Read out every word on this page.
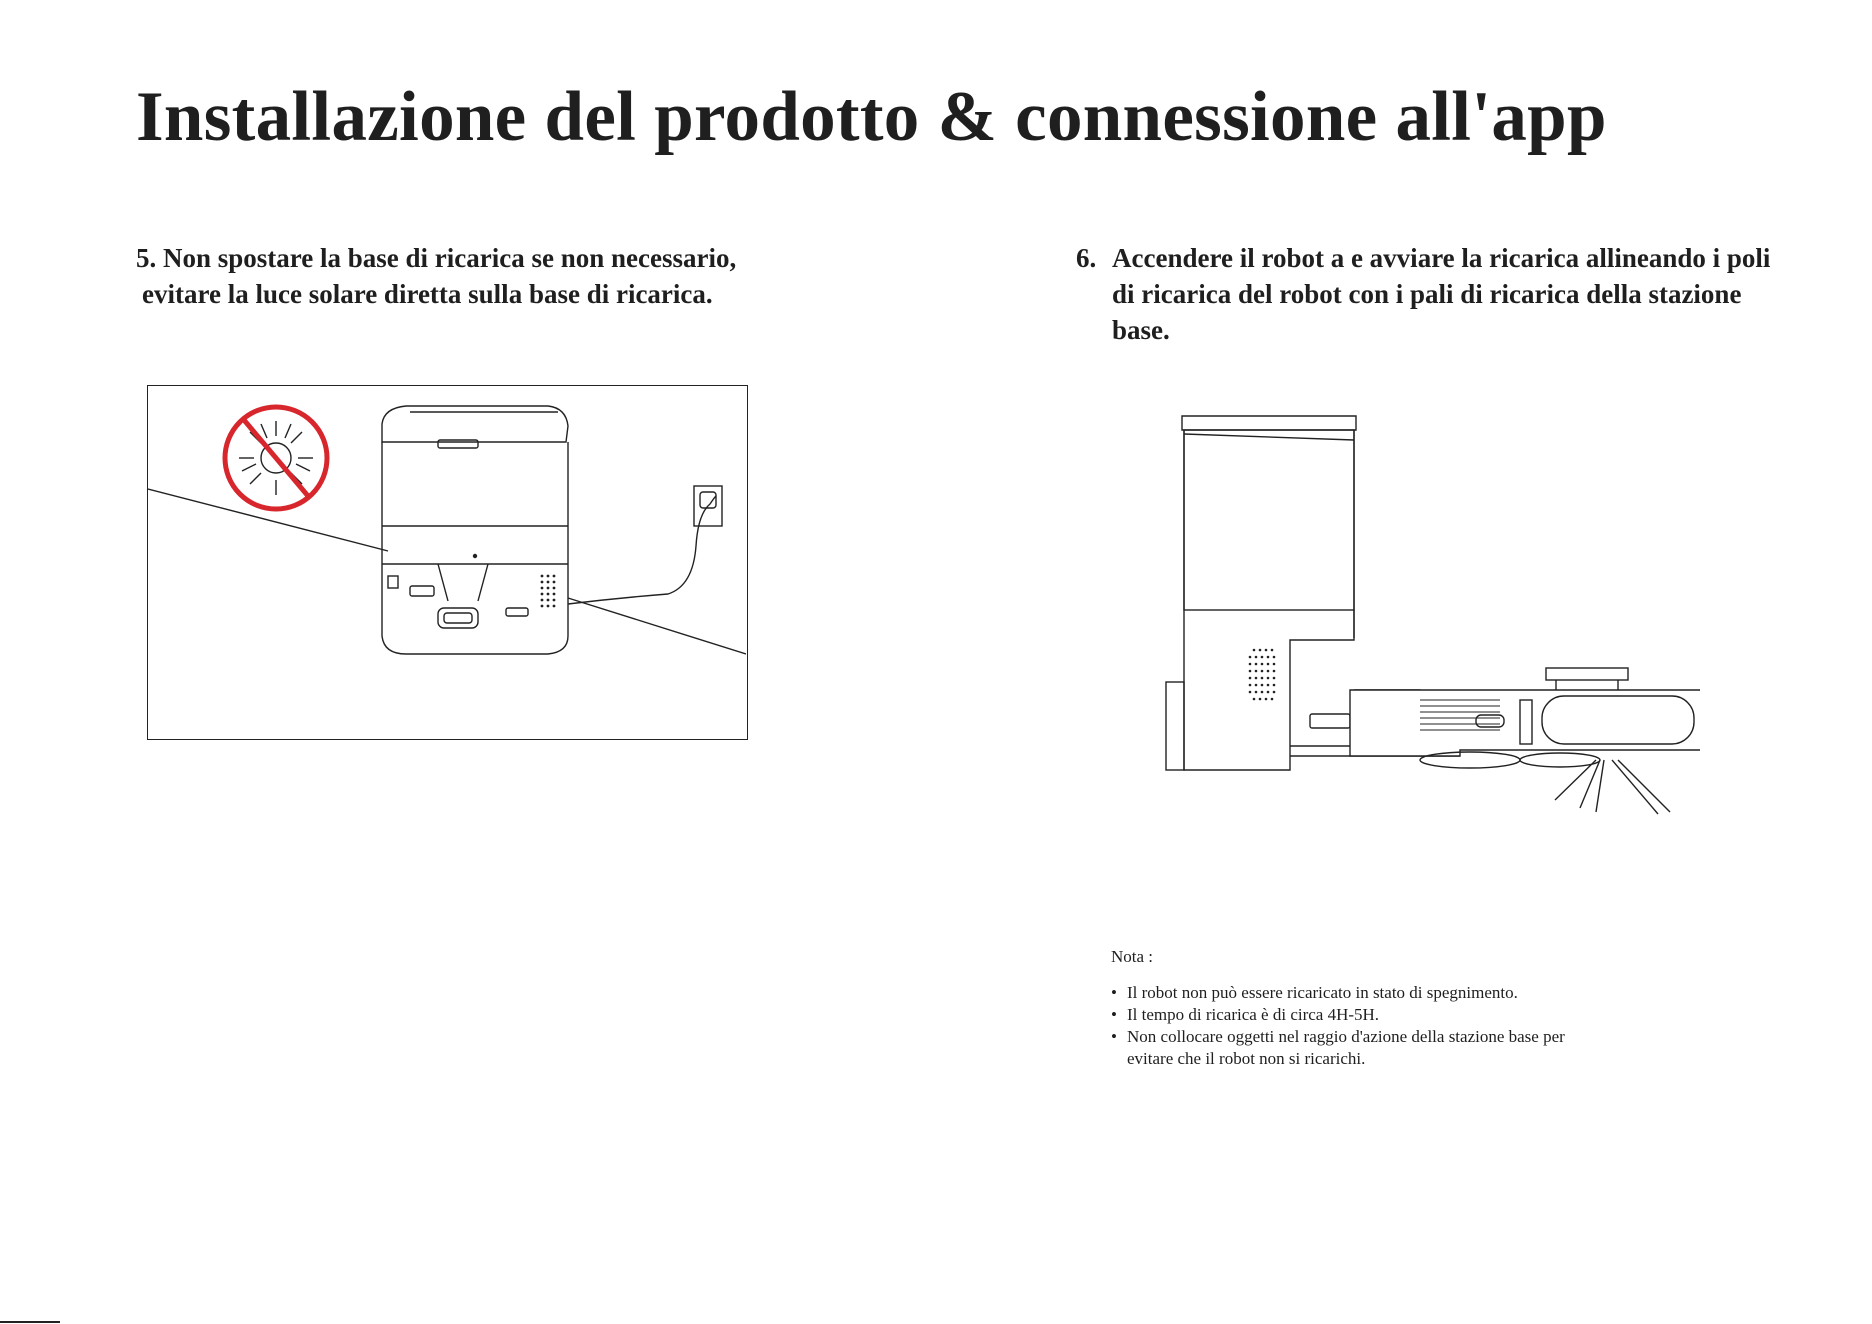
Installazione del prodotto & connessione all'app

5. Non spostare la base di ricarica se non necessario,
evitare la luce solare diretta sulla base di ricarica.

6. Accendere il robot a e avviare la ricarica allineando i poli di ricarica del robot con i pali di ricarica della stazione base.

Nota :

• Il robot non può essere ricaricato in stato di spegnimento.
• Il tempo di ricarica è di circa 4H-5H.
• Non collocare oggetti nel raggio d'azione della stazione base per evitare che il robot non si ricarichi.
